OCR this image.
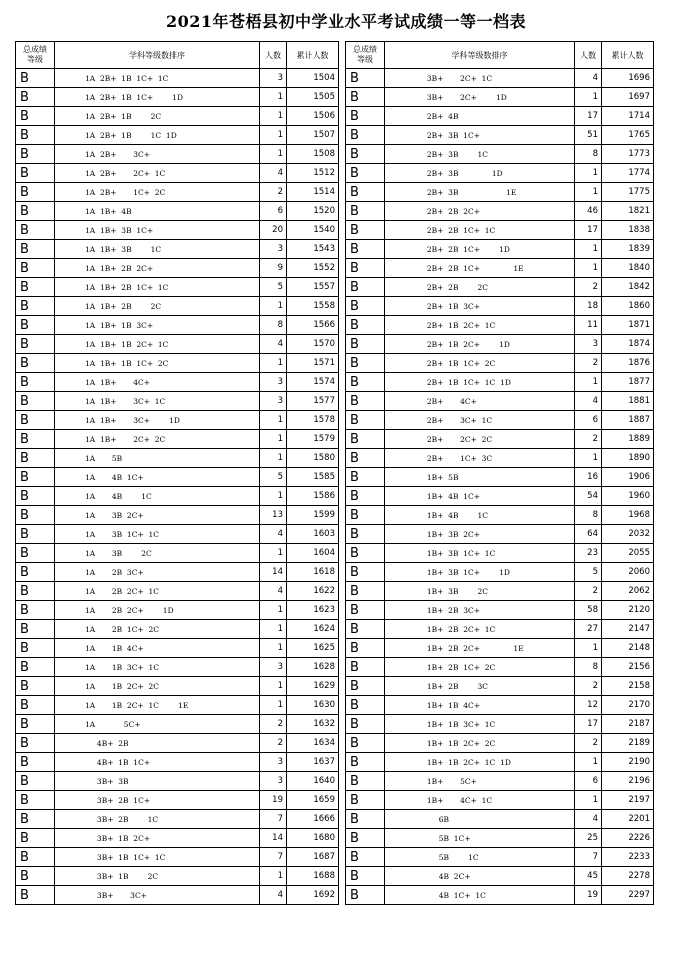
2021年苍梧县初中学业水平考试成绩一等一档表
总成绩
等级	学科等级数排序	人数	累计人数
B	1A  2B+  1B  1C+  1C	3	1504
B	1A  2B+  1B  1C+        1D	1	1505
B	1A  2B+  1B        2C	1	1506
B	1A  2B+  1B        1C  1D	1	1507
B	1A  2B+       3C+	1	1508
B	1A  2B+       2C+  1C	4	1512
B	1A  2B+       1C+  2C	2	1514
B	1A  1B+  4B	6	1520
B	1A  1B+  3B  1C+	20	1540
B	1A  1B+  3B        1C	3	1543
B	1A  1B+  2B  2C+	9	1552
B	1A  1B+  2B  1C+  1C	5	1557
B	1A  1B+  2B        2C	1	1558
B	1A  1B+  1B  3C+	8	1566
B	1A  1B+  1B  2C+  1C	4	1570
B	1A  1B+  1B  1C+  2C	1	1571
B	1A  1B+       4C+	3	1574
B	1A  1B+       3C+  1C	3	1577
B	1A  1B+       3C+        1D	1	1578
B	1A  1B+       2C+  2C	1	1579
B	1A       5B	1	1580
B	1A       4B  1C+	5	1585
B	1A       4B        1C	1	1586
B	1A       3B  2C+	13	1599
B	1A       3B  1C+  1C	4	1603
B	1A       3B        2C	1	1604
B	1A       2B  3C+	14	1618
B	1A       2B  2C+  1C	4	1622
B	1A       2B  2C+        1D	1	1623
B	1A       2B  1C+  2C	1	1624
B	1A       1B  4C+	1	1625
B	1A       1B  3C+  1C	3	1628
B	1A       1B  2C+  2C	1	1629
B	1A       1B  2C+  1C        1E	1	1630
B	1A            5C+	2	1632
B	4B+  2B	2	1634
B	4B+  1B  1C+	3	1637
B	3B+  3B	3	1640
B	3B+  2B  1C+	19	1659
B	3B+  2B        1C	7	1666
B	3B+  1B  2C+	14	1680
B	3B+  1B  1C+  1C	7	1687
B	3B+  1B        2C	1	1688
B	3B+       3C+	4	1692
总成绩
等级	学科等级数排序	人数	累计人数
B	3B+       2C+  1C	4	1696
B	3B+       2C+        1D	1	1697
B	2B+  4B	17	1714
B	2B+  3B  1C+	51	1765
B	2B+  3B        1C	8	1773
B	2B+  3B              1D	1	1774
B	2B+  3B                    1E	1	1775
B	2B+  2B  2C+	46	1821
B	2B+  2B  1C+  1C	17	1838
B	2B+  2B  1C+        1D	1	1839
B	2B+  2B  1C+              1E	1	1840
B	2B+  2B        2C	2	1842
B	2B+  1B  3C+	18	1860
B	2B+  1B  2C+  1C	11	1871
B	2B+  1B  2C+        1D	3	1874
B	2B+  1B  1C+  2C	2	1876
B	2B+  1B  1C+  1C  1D	1	1877
B	2B+       4C+	4	1881
B	2B+       3C+  1C	6	1887
B	2B+       2C+  2C	2	1889
B	2B+       1C+  3C	1	1890
B	1B+  5B	16	1906
B	1B+  4B  1C+	54	1960
B	1B+  4B        1C	8	1968
B	1B+  3B  2C+	64	2032
B	1B+  3B  1C+  1C	23	2055
B	1B+  3B  1C+        1D	5	2060
B	1B+  3B        2C	2	2062
B	1B+  2B  3C+	58	2120
B	1B+  2B  2C+  1C	27	2147
B	1B+  2B  2C+              1E	1	2148
B	1B+  2B  1C+  2C	8	2156
B	1B+  2B        3C	2	2158
B	1B+  1B  4C+	12	2170
B	1B+  1B  3C+  1C	17	2187
B	1B+  1B  2C+  2C	2	2189
B	1B+  1B  2C+  1C  1D	1	2190
B	1B+       5C+	6	2196
B	1B+       4C+  1C	1	2197
B	6B	4	2201
B	5B  1C+	25	2226
B	5B        1C	7	2233
B	4B  2C+	45	2278
B	4B  1C+  1C	19	2297
